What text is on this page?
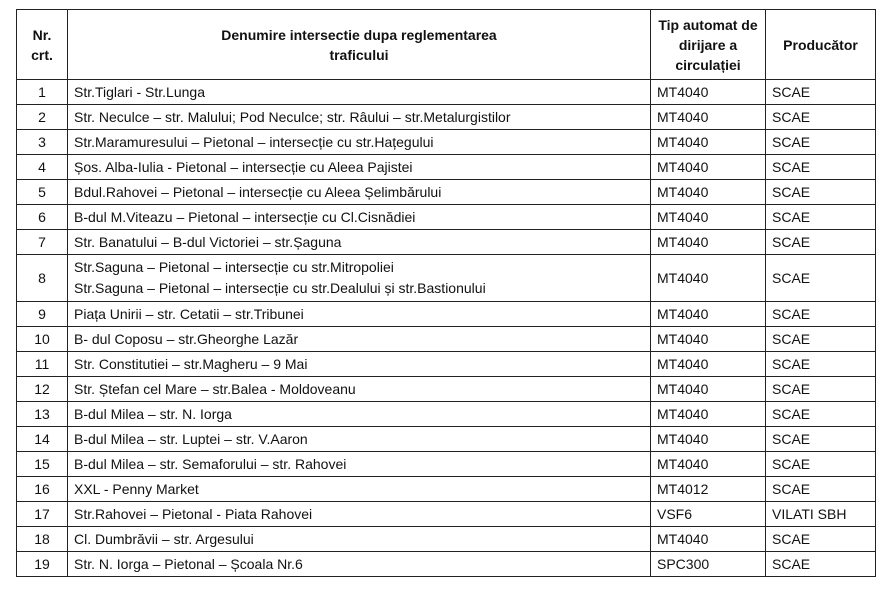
Nr. crt.	Denumire intersectie dupa reglementarea traficului	Tip automat de dirijare a circulației	Producător
1	Str.Tiglari - Str.Lunga	MT4040	SCAE
2	Str. Neculce – str. Malului; Pod Neculce; str. Râului – str.Metalurgistilor	MT4040	SCAE
3	Str.Maramuresului – Pietonal – intersecție cu str.Hațegului	MT4040	SCAE
4	Șos. Alba-Iulia - Pietonal – intersecție cu Aleea Pajistei	MT4040	SCAE
5	Bdul.Rahovei – Pietonal – intersecție cu Aleea Șelimbărului	MT4040	SCAE
6	B-dul M.Viteazu – Pietonal – intersecție cu Cl.Cisnădiei	MT4040	SCAE
7	Str. Banatului – B-dul Victoriei – str.Șaguna	MT4040	SCAE
8	Str.Saguna – Pietonal – intersecție cu str.Mitropoliei
Str.Saguna – Pietonal – intersecție cu str.Dealului și str.Bastionului	MT4040	SCAE
9	Piața Unirii – str. Cetatii – str.Tribunei	MT4040	SCAE
10	B- dul Coposu – str.Gheorghe Lazăr	MT4040	SCAE
11	Str. Constitutiei – str.Magheru – 9 Mai	MT4040	SCAE
12	Str. Ștefan cel Mare – str.Balea - Moldoveanu	MT4040	SCAE
13	B-dul Milea – str. N. Iorga	MT4040	SCAE
14	B-dul Milea – str. Luptei – str. V.Aaron	MT4040	SCAE
15	B-dul Milea – str. Semaforului – str. Rahovei	MT4040	SCAE
16	XXL - Penny Market	MT4012	SCAE
17	Str.Rahovei – Pietonal - Piata Rahovei	VSF6	VILATI SBH
18	Cl. Dumbrăvii – str. Argesului	MT4040	SCAE
19	Str. N. Iorga – Pietonal – Școala Nr.6	SPC300	SCAE
